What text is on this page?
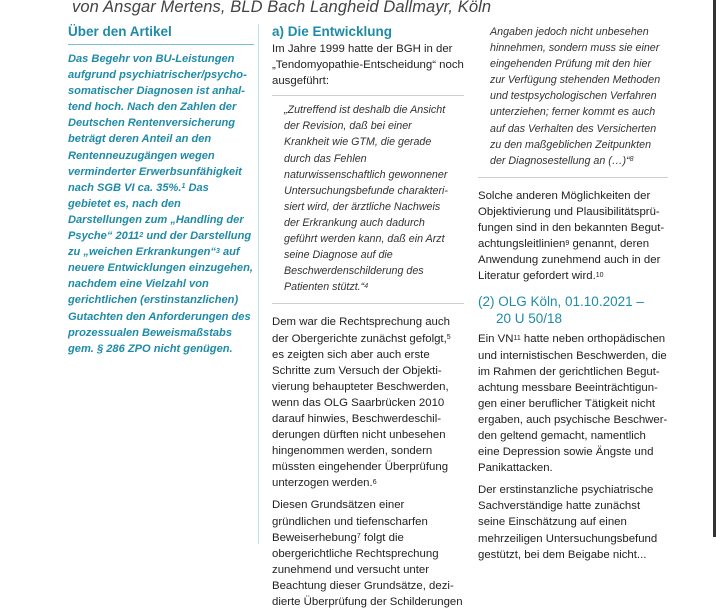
von Ansgar Mertens, BLD Bach Langheid Dallmayr, Köln
Über den Artikel

Das Begehr von BU-Leistungen aufgrund psychiatrischer/psychosomatischer Diagnosen ist anhaltend hoch. Nach den Zahlen der Deutschen Rentenversicherung beträgt deren Anteil an den Rentenneuzugängen wegen verminderter Erwerbsunfähigkeit nach SGB VI ca. 35%.$^1$ Das gebietet es, nach den Darstellungen zum „Handling der Psyche“ 2011$^2$ und der Darstellung zu „weichen Erkrankungen“$^3$ auf neuere Entwicklungen einzugehen, nachdem eine Vielzahl von gerichtlichen (erstinstanzlichen) Gutachten den Anforderungen des prozessualen Beweismaßstabs gem. § 286 ZPO nicht genügen.

a) Die Entwicklung

Im Jahre 1999 hatte der BGH in der „Tendomyopathie-Entscheidung“ noch ausgeführt:

„Zutreffend ist deshalb die Ansicht der Revision, daß bei einer Krankheit wie GTM, die gerade durch das Fehlen naturwissenschaftlich gewonnener Untersuchungsbefunde charakterisiert wird, der ärztliche Nachweis der Erkrankung auch dadurch geführt werden kann, daß ein Arzt seine Diagnose auf die Beschwerdenschilderung des Patienten stützt.“$^4$

Dem war die Rechtsprechung auch der Obergerichte zunächst gefolgt,$^5$ es zeigten sich aber auch erste Schritte zum Versuch der Objektivierung behaupteter Beschwerden, wenn das OLG Saarbrücken 2010 darauf hinwies, Beschwerdeschilderungen dürften nicht unbesehen hingenommen werden, sondern müssten eingehender Überprüfung unterzogen werden.$^6$

Diesen Grundsätzen einer gründlichen und tiefenscharfen Beweiserhebung$^7$ folgt die obergerichtliche Rechtsprechung zunehmend und versucht unter Beachtung dieser Grundsätze, dezidierte Überprüfung der Schilderungen

Angaben jedoch nicht unbesehen hinnehmen, sondern muss sie einer eingehenden Prüfung mit den hier zur Verfügung stehenden Methoden und testpsychologischen Verfahren unterziehen; ferner kommt es auch auf das Verhalten des Versicherten zu den maßgeblichen Zeitpunkten der Diagnosestellung an (…)“$^8$

Solche anderen Möglichkeiten der Objektivierung und Plausibilitätsprüfungen sind in den bekannten Begutachtungsleitlinien$^9$ genannt, deren Anwendung zunehmend auch in der Literatur gefordert wird.$^{10}$

(2) OLG Köln, 01.10.2021 –
20 U 50/18

Ein VN$^{11}$ hatte neben orthopädischen und internistischen Beschwerden, die im Rahmen der gerichtlichen Begutachtung messbare Beeinträchtigungen einer beruflicher Tätigkeit nicht ergaben, auch psychische Beschwerden geltend gemacht, namentlich eine Depression sowie Ängste und Panikattacken.

Der erstinstanzliche psychiatrische Sachverständige hatte zunächst seine Einschätzung auf einen mehrzeiligen Untersuchungsbefund gestützt, bei dem Beigabe nicht...
